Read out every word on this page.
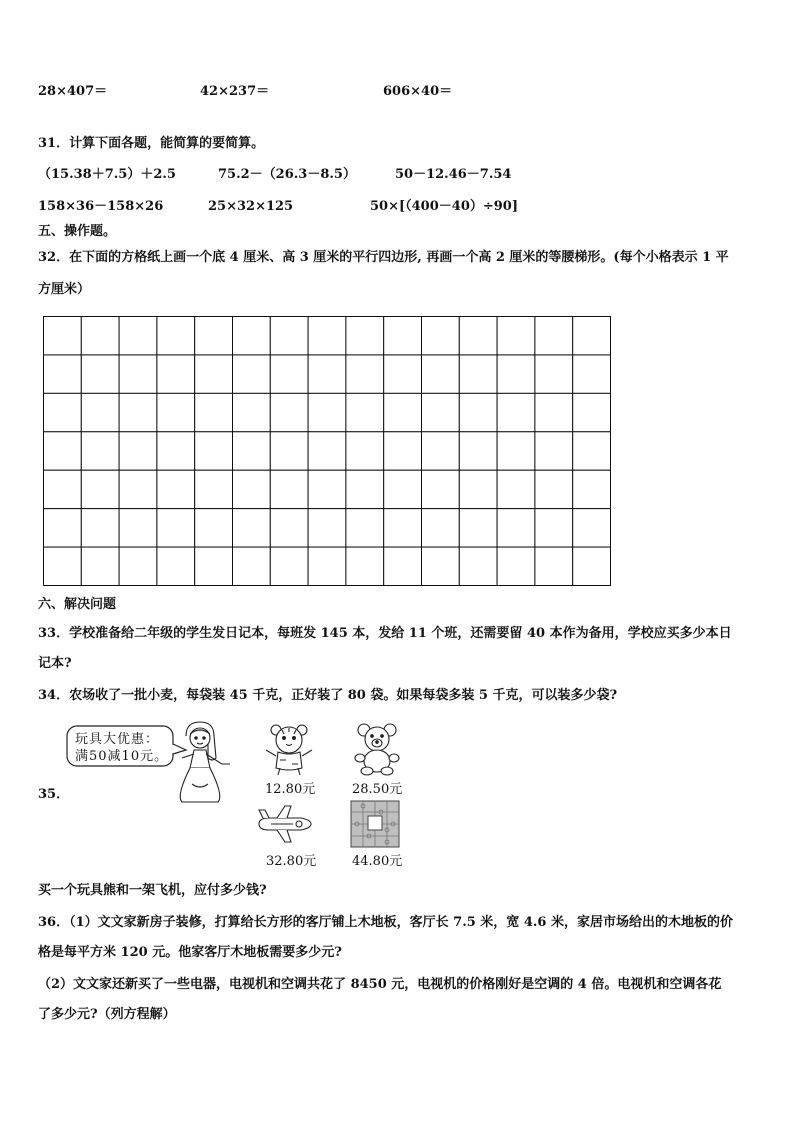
28×407＝	42×237＝	606×40＝
31．计算下面各题，能简算的要简算。
（15.38＋7.5）＋2.5	75.2－（26.3－8.5）	50－12.46－7.54
158×36－158×26	25×32×125	50×[（400－40）÷90]
五、操作题。
32．在下面的方格纸上画一个底 4 厘米、高 3 厘米的平行四边形, 再画一个高 2 厘米的等腰梯形。(每个小格表示 1 平
方厘米）
六、解决问题
33．学校准备给二年级的学生发日记本，每班发 145 本，发给 11 个班，还需要留 40 本作为备用，学校应买多少本日
记本?
34．农场收了一批小麦，每袋装 45 千克，正好装了 80 袋。如果每袋多装 5 千克，可以装多少袋?
35．
玩具大优惠：
满50减10元。
12.80元	28.50元
32.80元	44.80元
买一个玩具熊和一架飞机，应付多少钱?
36．（1）文文家新房子装修，打算给长方形的客厅铺上木地板，客厅长 7.5 米，宽 4.6 米，家居市场给出的木地板的价
格是每平方米 120 元。他家客厅木地板需要多少元?
（2）文文家还新买了一些电器，电视机和空调共花了 8450 元，电视机的价格刚好是空调的 4 倍。电视机和空调各花
了多少元?（列方程解）
